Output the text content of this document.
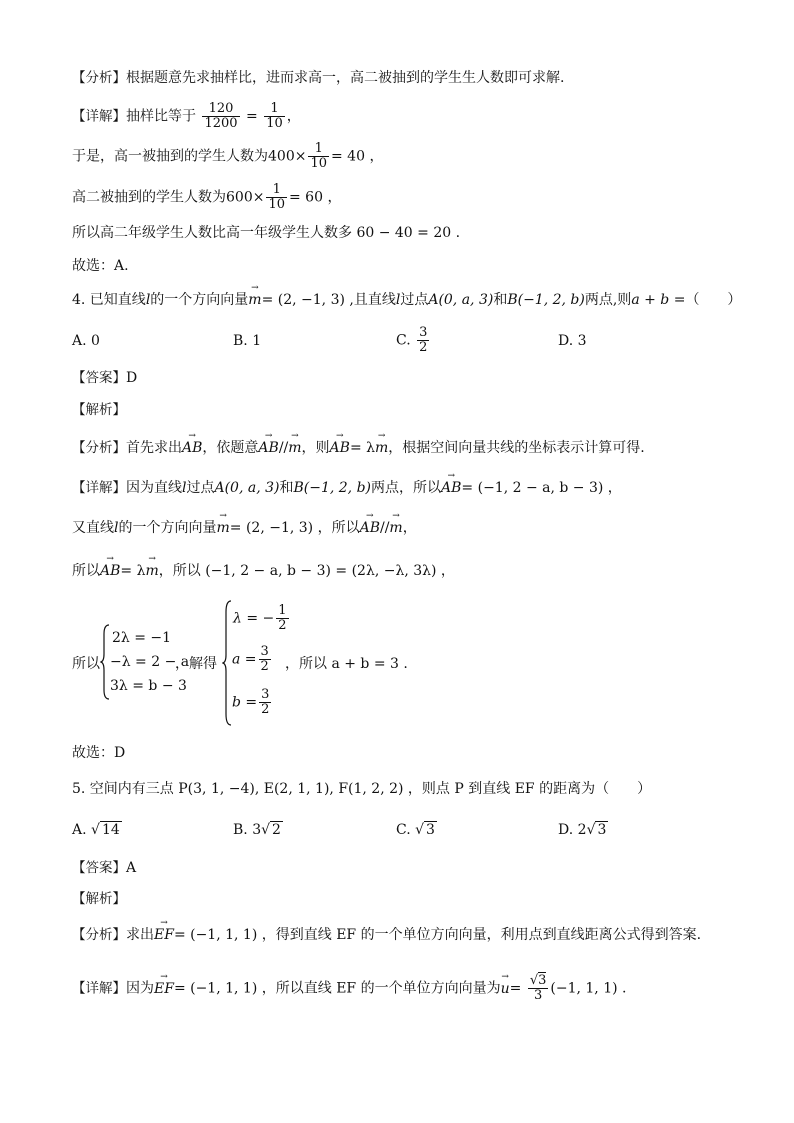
【分析】根据题意先求抽样比，进而求高一，高二被抽到的学生生人数即可求解.
【详解】抽样比等于 $\frac{120}{1200} = \frac{1}{10}$ ，
于是，高一被抽到的学生人数为$400\times \frac{1}{10} = 40$ ，
高二被抽到的学生人数为$600\times \frac{1}{10} = 60$ ，
所以高二年级学生人数比高一年级学生人数多 60 − 40 = 20 .
故选：A.
4. 已知直线l的一个方向向量→ m= (2, −1, 3) ,且直线l过点A(0, a, 3)和B(−1, 2, b)两点,则a + b =（　　）
A. 0	B. 1	C. $\frac{3}{2}$	D. 3
【答案】D
【解析】
【分析】首先求出→ AB，依题意→ AB//→ m，则→ AB= λ→ m，根据空间向量共线的坐标表示计算可得.
【详解】因为直线l过点A(0, a, 3)和B(−1, 2, b)两点，所以→ AB= (−1, 2 − a, b − 3) ，
又直线l的一个方向向量→ m= (2, −1, 3) ，所以→ AB//→ m，
所以→ AB= λ→ m，所以 (−1, 2 − a, b − 3) = (2λ, −λ, 3λ) ，
所以
2λ = −1
−λ = 2 − a
3λ = b − 3
，解得
λ = − $\frac{1}{2}$
$a = \frac{3}{2}$
$b = \frac{3}{2}$
，所以 a + b = 3 .
故选：D
5. 空间内有三点 P(3, 1, −4), E(2, 1, 1), F(1, 2, 2) ，则点 P 到直线 EF 的距离为（　　）
A. √ 14	B. 3√ 2	C. √ 3	D. 2√ 3
【答案】A
【解析】
【分析】求出→ EF= (−1, 1, 1) ，得到直线 EF 的一个单位方向向量，利用点到直线距离公式得到答案.
【详解】因为→ EF= (−1, 1, 1) ，所以直线 EF 的一个单位方向向量为→ $u= \frac{√3}{3} (-1$, 1, 1) .
